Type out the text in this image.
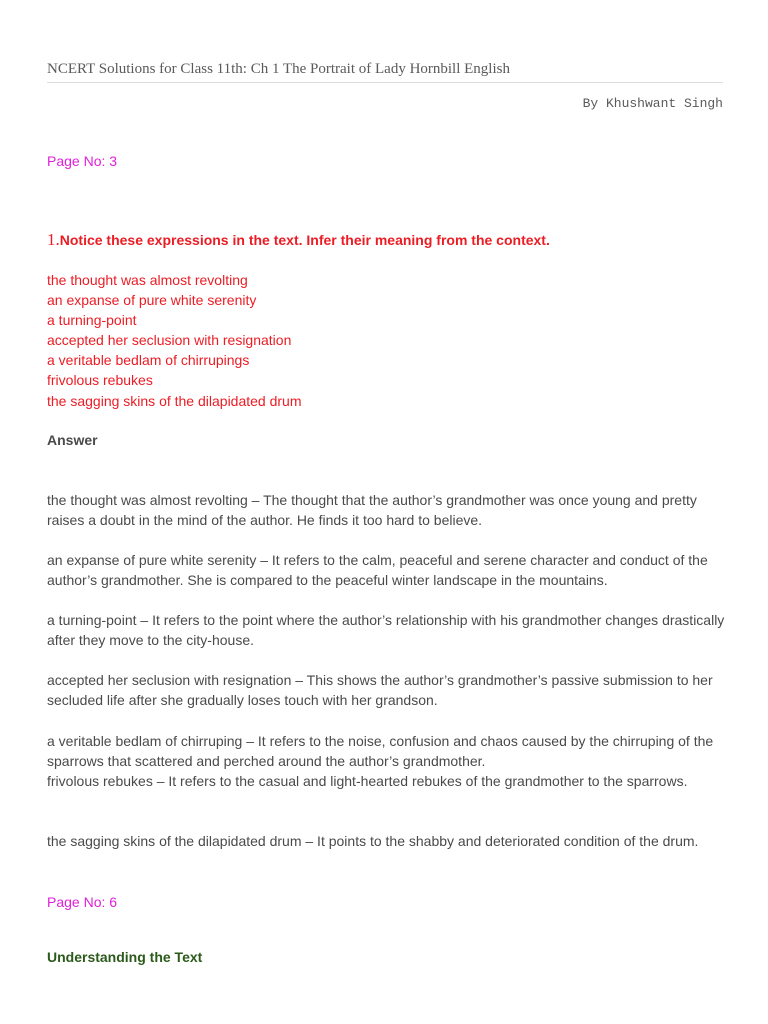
NCERT Solutions for Class 11th: Ch 1 The Portrait of Lady Hornbill English
By Khushwant Singh
Page No: 3
1.Notice these expressions in the text. Infer their meaning from the context.
the thought was almost revolting
an expanse of pure white serenity
a turning-point
accepted her seclusion with resignation
a veritable bedlam of chirrupings
frivolous rebukes
the sagging skins of the dilapidated drum
Answer

the thought was almost revolting – The thought that the author’s grandmother was once young and pretty raises a doubt in the mind of the author. He finds it too hard to believe.

an expanse of pure white serenity – It refers to the calm, peaceful and serene character and conduct of the author’s grandmother. She is compared to the peaceful winter landscape in the mountains.

a turning-point – It refers to the point where the author’s relationship with his grandmother changes drastically after they move to the city-house.

accepted her seclusion with resignation – This shows the author’s grandmother’s passive submission to her secluded life after she gradually loses touch with her grandson.

a veritable bedlam of chirruping – It refers to the noise, confusion and chaos caused by the chirruping of the sparrows that scattered and perched around the author’s grandmother.

frivolous rebukes – It refers to the casual and light-hearted rebukes of the grandmother to the sparrows.

the sagging skins of the dilapidated drum – It points to the shabby and deteriorated condition of the drum.

Page No: 6
Understanding the Text
